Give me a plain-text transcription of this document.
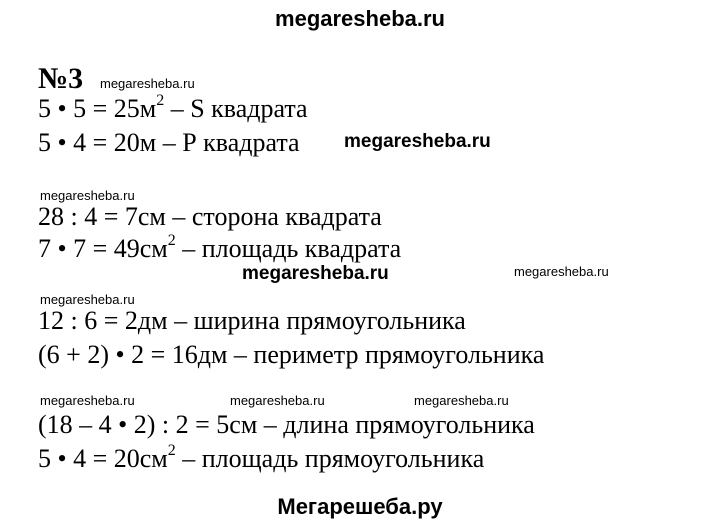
megaresheba.ru
№3 megaresheba.ru
5 • $5 = 25м^2 - S$ квадрата
5 • 4 = 20м – Р квадрата megaresheba.ru
megaresheba.ru
28 : 4 = 7см – сторона квадрата
7 • $7 = 49см^2$ – площадь квадрата
megaresheba.ru	megaresheba.ru
megaresheba.ru
12 : 6 = 2дм – ширина прямоугольника
(6 + 2) • 2 = 16дм – периметр прямоугольника
megaresheba.ru	megaresheba.ru	megaresheba.ru
(18 – 4 • 2) : 2 = 5см – длина прямоугольника
5 • $4 = 20см^2$ – площадь прямоугольника
Мегарешеба.ру
